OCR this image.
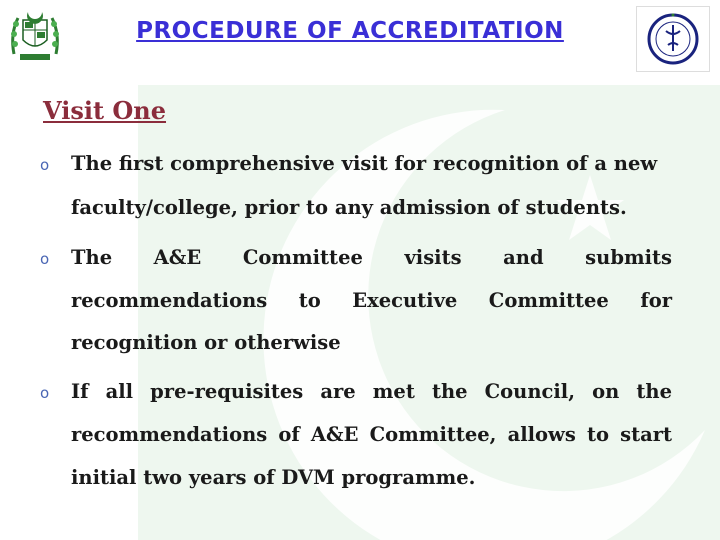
PROCEDURE OF ACCREDITATION
Visit One
o The first comprehensive visit for recognition of a new
faculty/college, prior to any admission of students.
o The A&E Committee visits and submits
recommendations to Executive Committee for
recognition or otherwise
o If all pre-requisites are met the Council, on the
recommendations of A&E Committee, allows to start
initial two years of DVM programme.
